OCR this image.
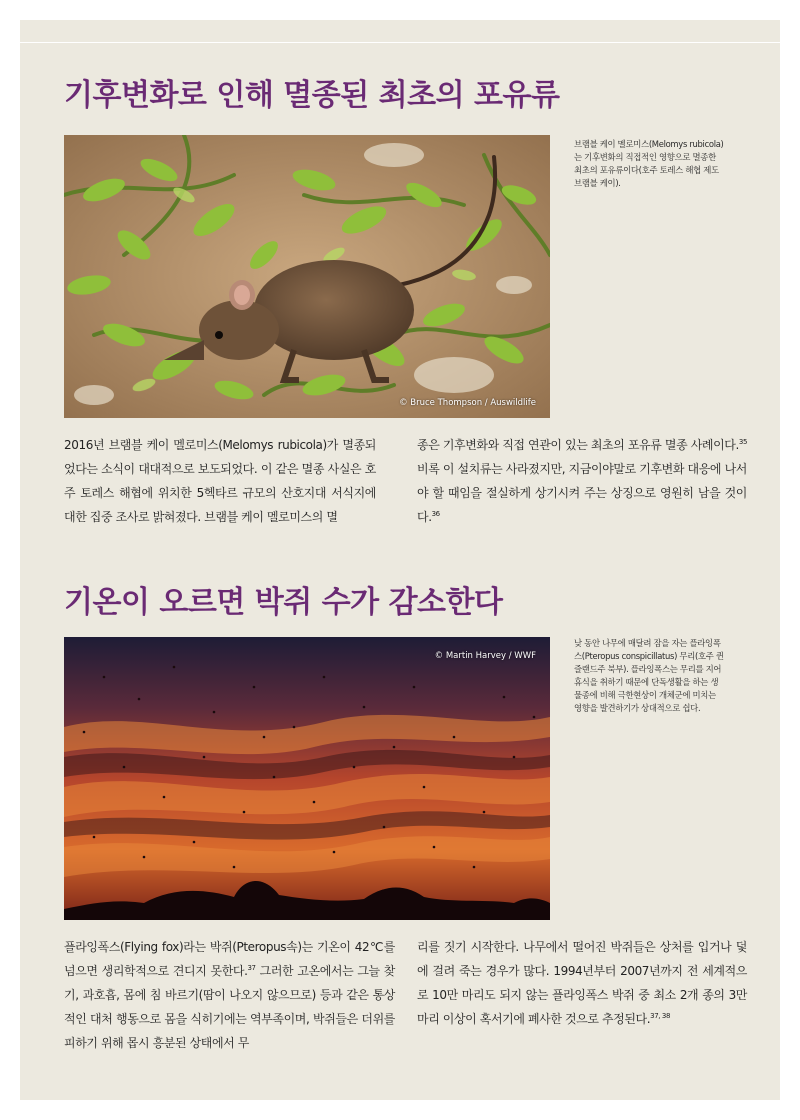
기후변화로 인해 멸종된 최초의 포유류
© Bruce Thompson / Auswildlife
브램블 케이 멜로미스(Melomys rubicola)는 기후변화의 직접적인 영향으로 멸종한 최초의 포유류이다(호주 토레스 해협 제도 브램블 케이).

2016년 브램블 케이 멜로미스(Melomys rubicola)가 멸종되었다는 소식이 대대적으로 보도되었다. 이 같은 멸종 사실은 호주 토레스 해협에 위치한 5헥타르 규모의 산호지대 서식지에 대한 집중 조사로 밝혀졌다. 브램블 케이 멜로미스의 멸

종은 기후변화와 직접 연관이 있는 최초의 포유류 멸종 사례이다.$^{35}$ 비록 이 설치류는 사라졌지만, 지금이야말로 기후변화 대응에 나서야 할 때임을 절실하게 상기시켜 주는 상징으로 영원히 남을 것이다.$^{36}$

기온이 오르면 박쥐 수가 감소한다
© Martin Harvey / WWF
낮 동안 나무에 매달려 잠을 자는 플라잉폭스(Pteropus conspicillatus) 무리(호주 퀸즐랜드주 북부). 플라잉폭스는 무리를 지어 휴식을 취하기 때문에 단독생활을 하는 생물종에 비해 극한현상이 개체군에 미치는 영향을 발견하기가 상대적으로 쉽다.

플라잉폭스(Flying fox)라는 박쥐(Pteropus속)는 기온이 42℃를 넘으면 생리학적으로 견디지 못한다.$^{37}$ 그러한 고온에서는 그늘 찾기, 과호흡, 몸에 침 바르기(땀이 나오지 않으므로) 등과 같은 통상적인 대처 행동으로 몸을 식히기에는 역부족이며, 박쥐들은 더위를 피하기 위해 몹시 흥분된 상태에서 무

리를 짓기 시작한다. 나무에서 떨어진 박쥐들은 상처를 입거나 덫에 걸려 죽는 경우가 많다. 1994년부터 2007년까지 전 세계적으로 10만 마리도 되지 않는 플라잉폭스 박쥐 중 최소 2개 종의 3만 마리 이상이 혹서기에 폐사한 것으로 추정된다.$^{37, 38}$
